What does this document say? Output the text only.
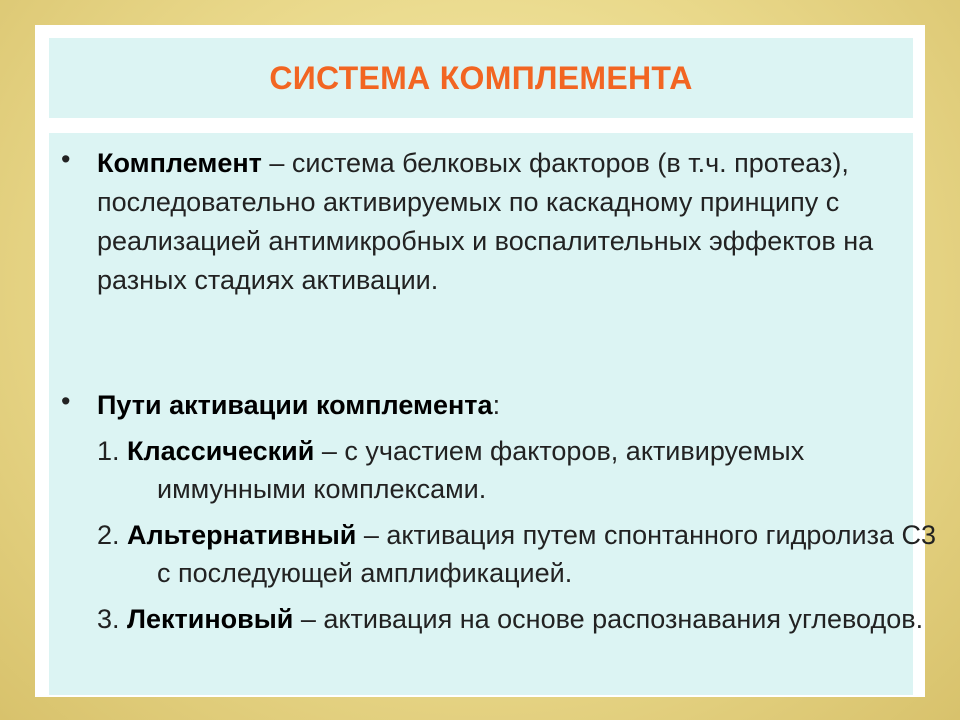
СИСТЕМА КОМПЛЕМЕНТА
• Комплемент – система белковых факторов (в т.ч. протеаз), последовательно активируемых по каскадному принципу с реализацией антимикробных и воспалительных эффектов на разных стадиях активации.
• Пути активации комплемента:
1. Классический – с участием факторов, активируемых иммунными комплексами.
2. Альтернативный – активация путем спонтанного гидролиза С3 с последующей амплификацией.
3. Лектиновый – активация на основе распознавания углеводов.
